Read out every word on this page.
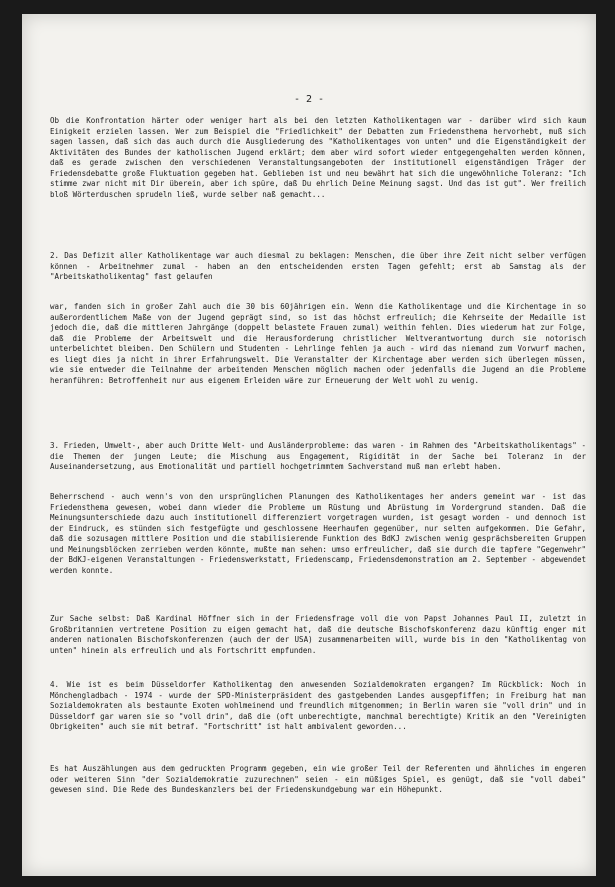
- 2 -

Ob die Konfrontation härter oder weniger hart als bei den letzten Katholikentagen war - darüber wird sich kaum Einigkeit erzielen lassen. Wer zum Beispiel die "Friedlichkeit" der Debatten zum Friedensthema hervorhebt, muß sich sagen lassen, daß sich das auch durch die Ausgliederung des "Katholikentages von unten" und die Eigenständigkeit der Aktivitäten des Bundes der katholischen Jugend erklärt; dem aber wird sofort wieder entgegengehalten werden können, daß es gerade zwischen den verschiedenen Veranstaltungsangeboten der institutionell eigenständigen Träger der Friedensdebatte große Fluktuation gegeben hat. Geblieben ist und neu bewährt hat sich die ungewöhnliche Toleranz: "Ich stimme zwar nicht mit Dir überein, aber ich spüre, daß Du ehrlich Deine Meinung sagst. Und das ist gut". Wer freilich bloß Wörterduschen sprudeln ließ, wurde selber naß gemacht...

2. Das Defizit aller Katholikentage war auch diesmal zu beklagen: Menschen, die über ihre Zeit nicht selber verfügen können - Arbeitnehmer zumal - haben an den entscheidenden ersten Tagen gefehlt; erst ab Samstag als der "Arbeitskatholikentag" fast gelaufen

war, fanden sich in großer Zahl auch die 30 bis 60jährigen ein. Wenn die Katholikentage und die Kirchentage in so außerordentlichem Maße von der Jugend geprägt sind, so ist das höchst erfreulich; die Kehrseite der Medaille ist jedoch die, daß die mittleren Jahrgänge (doppelt belastete Frauen zumal) weithin fehlen. Dies wiederum hat zur Folge, daß die Probleme der Arbeitswelt und die Herausforderung christlicher Weltverantwortung durch sie notorisch unterbelichtet bleiben. Den Schülern und Studenten - Lehrlinge fehlen ja auch - wird das niemand zum Vorwurf machen, es liegt dies ja nicht in ihrer Erfahrungswelt. Die Veranstalter der Kirchentage aber werden sich überlegen müssen, wie sie entweder die Teilnahme der arbeitenden Menschen möglich machen oder jedenfalls die Jugend an die Probleme heranführen: Betroffenheit nur aus eigenem Erleiden wäre zur Erneuerung der Welt wohl zu wenig.

3. Frieden, Umwelt-, aber auch Dritte Welt- und Ausländerprobleme: das waren - im Rahmen des "Arbeitskatholikentags" - die Themen der jungen Leute; die Mischung aus Engagement, Rigidität in der Sache bei Toleranz in der Auseinandersetzung, aus Emotionalität und partiell hochgetrimmtem Sachverstand muß man erlebt haben.

Beherrschend - auch wenn's von den ursprünglichen Planungen des Katholikentages her anders gemeint war - ist das Friedensthema gewesen, wobei dann wieder die Probleme um Rüstung und Abrüstung im Vordergrund standen. Daß die Meinungsunterschiede dazu auch institutionell differenziert vorgetragen wurden, ist gesagt worden - und dennoch ist der Eindruck, es stünden sich festgefügte und geschlossene Heerhaufen gegenüber, nur selten aufgekommen. Die Gefahr, daß die sozusagen mittlere Position und die stabilisierende Funktion des BdKJ zwischen wenig gesprächsbereiten Gruppen und Meinungsblöcken zerrieben werden könnte, mußte man sehen: umso erfreulicher, daß sie durch die tapfere "Gegenwehr" der BdKJ-eigenen Veranstaltungen - Friedenswerkstatt, Friedenscamp, Friedensdemonstration am 2. September - abgewendet werden konnte.

Zur Sache selbst: Daß Kardinal Höffner sich in der Friedensfrage voll die von Papst Johannes Paul II, zuletzt in Großbritannien vertretene Position zu eigen gemacht hat, daß die deutsche Bischofskonferenz dazu künftig enger mit anderen nationalen Bischofskonferenzen (auch der der USA) zusammenarbeiten will, wurde bis in den "Katholikentag von unten" hinein als erfreulich und als Fortschritt empfunden.

4. Wie ist es beim Düsseldorfer Katholikentag den anwesenden Sozialdemokraten ergangen? Im Rückblick: Noch in Mönchengladbach - 1974 - wurde der SPD-Ministerpräsident des gastgebenden Landes ausgepfiffen; in Freiburg hat man Sozialdemokraten als bestaunte Exoten wohlmeinend und freundlich mitgenommen; in Berlin waren sie "voll drin" und in Düsseldorf gar waren sie so "voll drin", daß die (oft unberechtigte, manchmal berechtigte) Kritik an den "Vereinigten Obrigkeiten" auch sie mit betraf. "Fortschritt" ist halt ambivalent geworden...

Es hat Auszählungen aus dem gedruckten Programm gegeben, ein wie großer Teil der Referenten und ähnliches im engeren oder weiteren Sinn "der Sozialdemokratie zuzurechnen" seien - ein müßiges Spiel, es genügt, daß sie "voll dabei" gewesen sind. Die Rede des Bundeskanzlers bei der Friedenskundgebung war ein Höhepunkt.
